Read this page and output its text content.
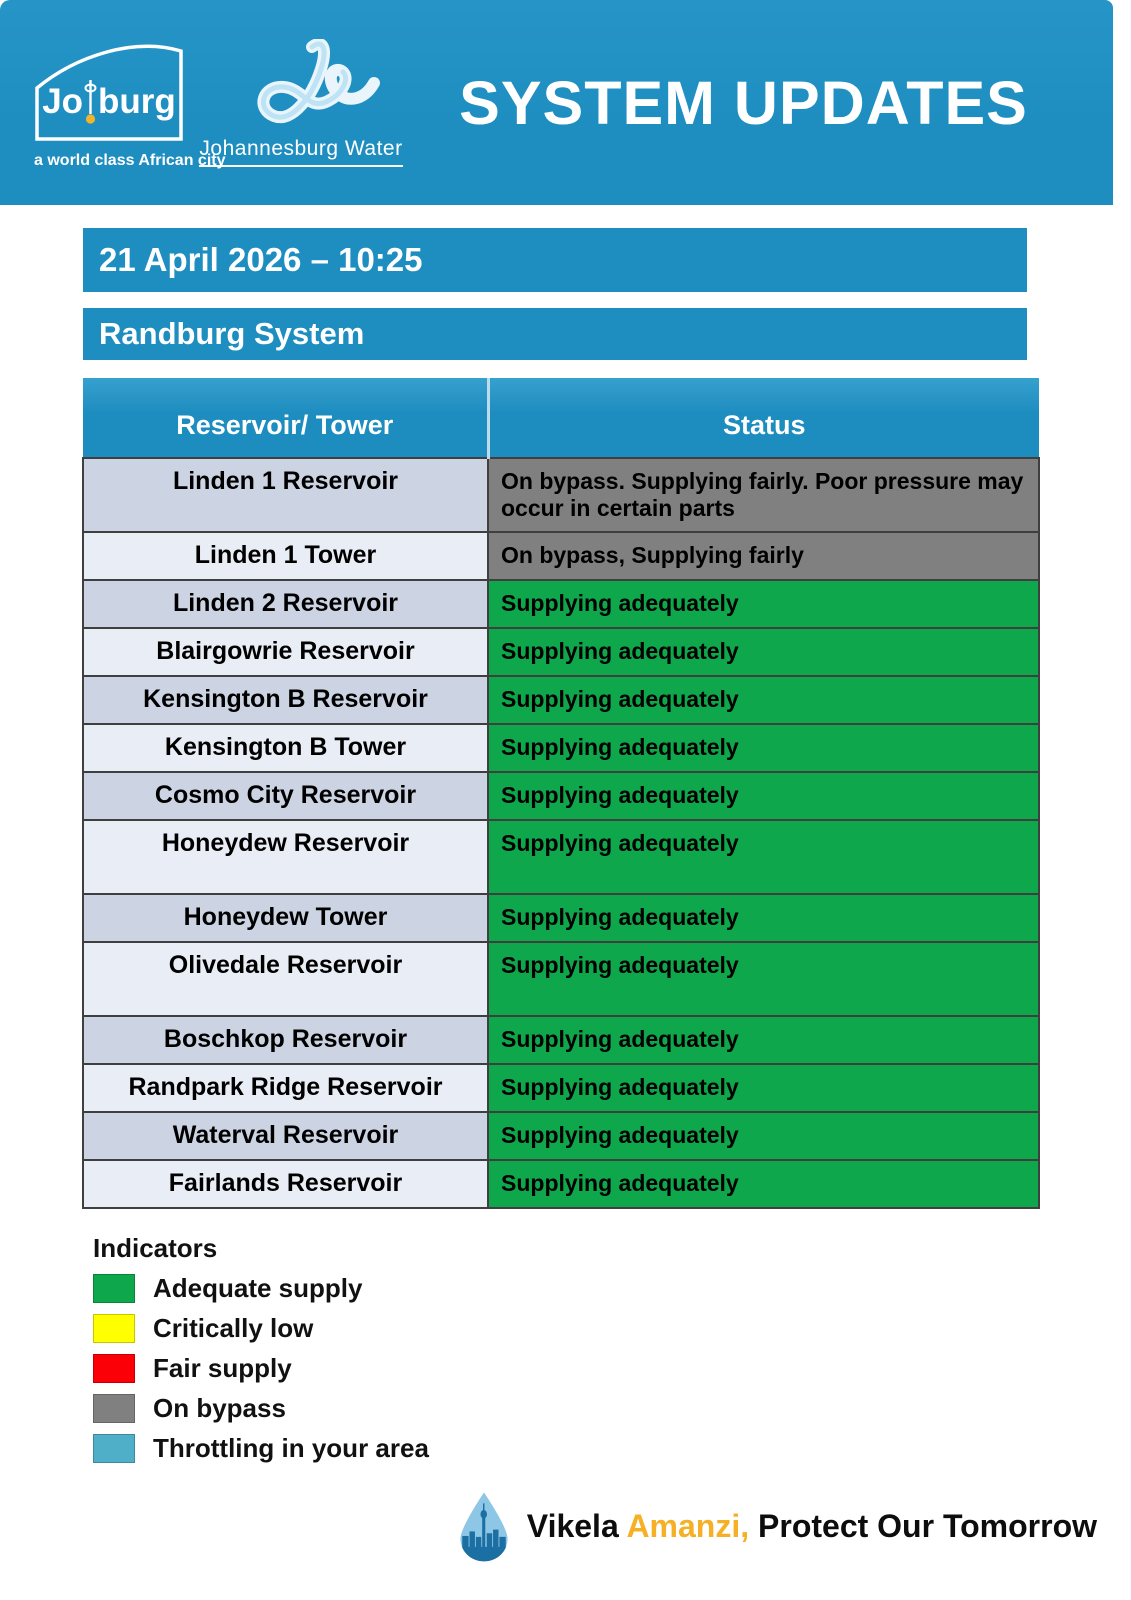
Jo burg
a world class African city
Johannesburg Water
SYSTEM UPDATES
21 April 2026 – 10:25
Randburg System
Reservoir/ Tower	Status
Linden 1 Reservoir	On bypass. Supplying fairly. Poor pressure may occur in certain parts
Linden 1 Tower	On bypass, Supplying fairly
Linden 2 Reservoir	Supplying adequately
Blairgowrie Reservoir	Supplying adequately
Kensington B Reservoir	Supplying adequately
Kensington B Tower	Supplying adequately
Cosmo City Reservoir	Supplying adequately
Honeydew Reservoir	Supplying adequately
Honeydew Tower	Supplying adequately
Olivedale Reservoir	Supplying adequately
Boschkop Reservoir	Supplying adequately
Randpark Ridge Reservoir	Supplying adequately
Waterval Reservoir	Supplying adequately
Fairlands Reservoir	Supplying adequately
Indicators
Adequate supply
Critically low
Fair supply
On bypass
Throttling in your area
Vikela Amanzi, Protect Our Tomorrow
